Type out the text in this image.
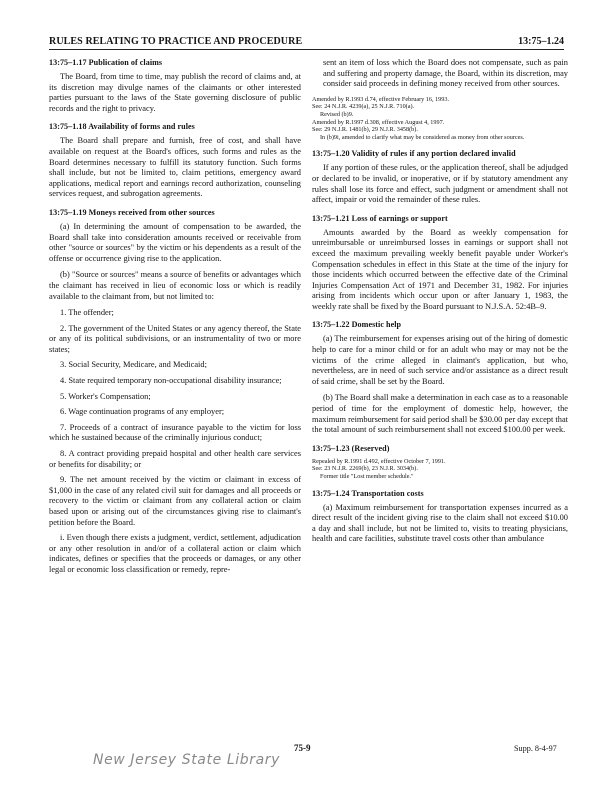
RULES RELATING TO PRACTICE AND PROCEDURE	13:75–1.24
13:75–1.17 Publication of claims

The Board, from time to time, may publish the record of claims and, at its discretion may divulge names of the claimants or other interested parties pursuant to the laws of the State governing disclosure of public records and the right to privacy.

13:75–1.18 Availability of forms and rules

The Board shall prepare and furnish, free of cost, and shall have available on request at the Board's offices, such forms and rules as the Board determines necessary to fulfill its statutory function. Such forms shall include, but not be limited to, claim petitions, emergency award applications, medical report and earnings record authorization, counseling services request, and subrogation agreements.

13:75–1.19 Moneys received from other sources

(a) In determining the amount of compensation to be awarded, the Board shall take into consideration amounts received or receivable from other "source or sources" by the victim or his dependents as a result of the offense or occurrence giving rise to the application.

(b) "Source or sources" means a source of benefits or advantages which the claimant has received in lieu of economic loss or which is readily available to the claimant from, but not limited to:

1. The offender;

2. The government of the United States or any agency thereof, the State or any of its political subdivisions, or an instrumentality of two or more states;

3. Social Security, Medicare, and Medicaid;

4. State required temporary non-occupational disability insurance;

5. Worker's Compensation;

6. Wage continuation programs of any employer;

7. Proceeds of a contract of insurance payable to the victim for loss which he sustained because of the criminally injurious conduct;

8. A contract providing prepaid hospital and other health care services or benefits for disability; or

9. The net amount received by the victim or claimant in excess of $1,000 in the case of any related civil suit for damages and all proceeds or recovery to the victim or claimant from any collateral action or claim based upon or arising out of the circumstances giving rise to claimant's petition before the Board.

i. Even though there exists a judgment, verdict, settlement, adjudication or any other resolution in and/or of a collateral action or claim which indicates, defines or specifies that the proceeds or damages, or any other legal or economic loss classification or remedy, repre-

sent an item of loss which the Board does not compensate, such as pain and suffering and property damage, the Board, within its discretion, may consider said proceeds in defining money received from other sources.

Amended by R.1993 d.74, effective February 16, 1993.

See: 24 N.J.R. 4239(a), 25 N.J.R. 710(a).

Revised (b)9.

Amended by R.1997 d.308, effective August 4, 1997.

See: 29 N.J.R. 1481(b), 29 N.J.R. 3458(b).

In (b)9i, amended to clarify what may be considered as money from other sources.

13:75–1.20 Validity of rules if any portion declared invalid

If any portion of these rules, or the application thereof, shall be adjudged or declared to be invalid, or inoperative, or if by statutory amendment any rules shall lose its force and effect, such judgment or amendment shall not affect, impair or void the remainder of these rules.

13:75–1.21 Loss of earnings or support

Amounts awarded by the Board as weekly compensation for unreimbursable or unreimbursed losses in earnings or support shall not exceed the maximum prevailing weekly benefit payable under Worker's Compensation schedules in effect in this State at the time of the injury for those incidents which occurred between the effective date of the Criminal Injuries Compensation Act of 1971 and December 31, 1982. For injuries arising from incidents which occur upon or after January 1, 1983, the weekly rate shall be fixed by the Board pursuant to N.J.S.A. 52:4B–9.

13:75–1.22 Domestic help

(a) The reimbursement for expenses arising out of the hiring of domestic help to care for a minor child or for an adult who may or may not be the victims of the crime alleged in claimant's application, but who, nevertheless, are in need of such service and/or assistance as a direct result of said crime, shall be set by the Board.

(b) The Board shall make a determination in each case as to a reasonable period of time for the employment of domestic help, however, the maximum reimbursement for said period shall be $30.00 per day except that the total amount of such reimbursement shall not exceed $100.00 per week.

13:75–1.23 (Reserved)

Repealed by R.1991 d.492, effective October 7, 1991.

See: 23 N.J.R. 2269(b), 23 N.J.R. 3034(b).

Former title "Lost member schedule."

13:75–1.24 Transportation costs

(a) Maximum reimbursement for transportation expenses incurred as a direct result of the incident giving rise to the claim shall not exceed $10.00 a day and shall include, but not be limited to, visits to treating physicians, health and care facilities, substitute travel costs other than ambulance

75-9	Supp. 8-4-97
New Jersey State Library
